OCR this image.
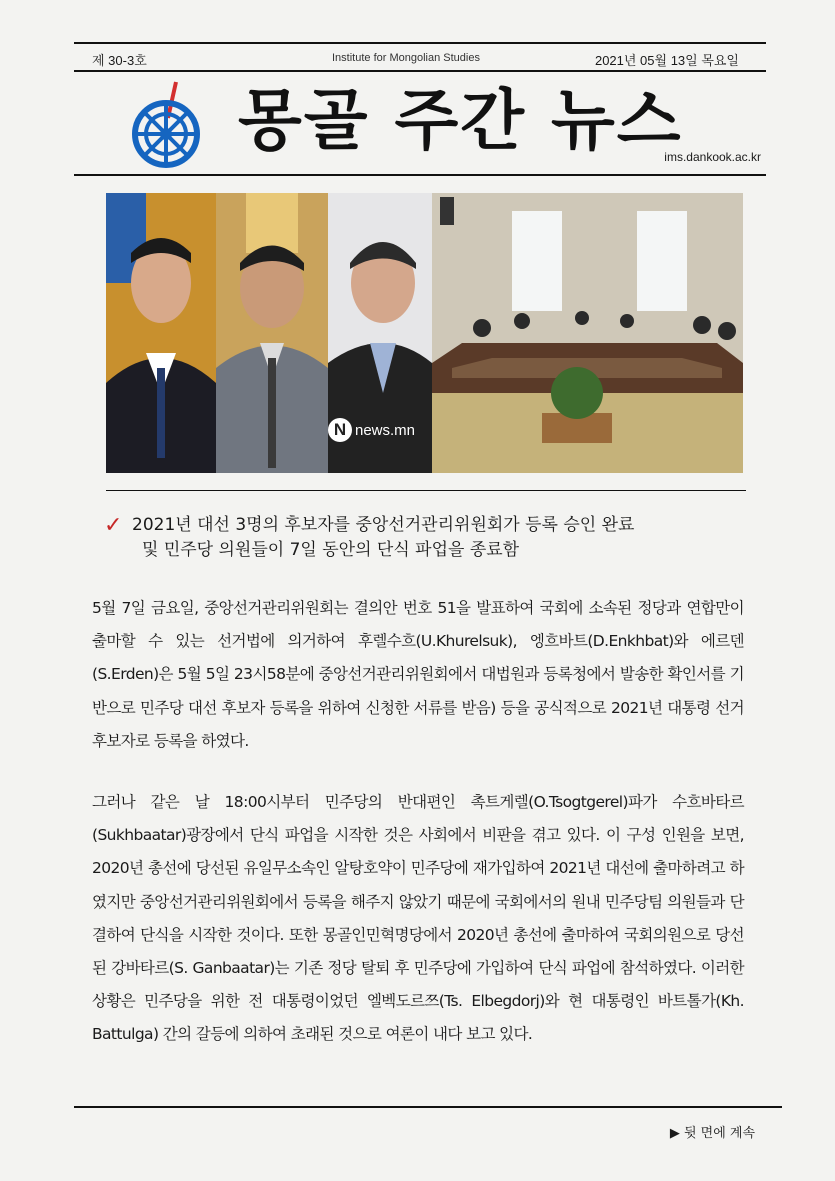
제 30-3호	Institute for Mongolian Studies	2021년 05월 13일 목요일
몽골 주간 뉴스
ims.dankook.ac.kr
N news.mn
✓ 2021년 대선 3명의 후보자를 중앙선거관리위원회가 등록 승인 완료
및 민주당 의원들이 7일 동안의 단식 파업을 종료함
5월 7일 금요일, 중앙선거관리위원회는 결의안 번호 51을 발표하여 국회에 소속된 정당과 연합만이 출마할 수 있는 선거법에 의거하여 후렐수흐(U.Khurelsuk), 엥흐바트(D.Enkhbat)와 에르덴(S.Erden)은 5월 5일 23시58분에 중앙선거관리위원회에서 대법원과 등록청에서 발송한 확인서를 기반으로 민주당 대선 후보자 등록을 위하여 신청한 서류를 받음) 등을 공식적으로 2021년 대통령 선거 후보자로 등록을 하였다.
그러나 같은 날 18:00시부터 민주당의 반대편인 촉트게렐(O.Tsogtgerel)파가 수흐바타르(Sukhbaatar)광장에서 단식 파업을 시작한 것은 사회에서 비판을 겪고 있다. 이 구성 인원을 보면, 2020년 총선에 당선된 유일무소속인 알탕호약이 민주당에 재가입하여 2021년 대선에 출마하려고 하였지만 중앙선거관리위원회에서 등록을 해주지 않았기 때문에 국회에서의 원내 민주당팀 의원들과 단결하여 단식을 시작한 것이다. 또한 몽골인민혁명당에서 2020년 총선에 출마하여 국회의원으로 당선된 강바타르(S. Ganbaatar)는 기존 정당 탈퇴 후 민주당에 가입하여 단식 파업에 참석하였다. 이러한 상황은 민주당을 위한 전 대통령이었던 엘벡도르쯔(Ts. Elbegdorj)와 현 대통령인 바트톨가(Kh. Battulga) 간의 갈등에 의하여 초래된 것으로 여론이 내다 보고 있다.
▶ 뒷 면에 계속
